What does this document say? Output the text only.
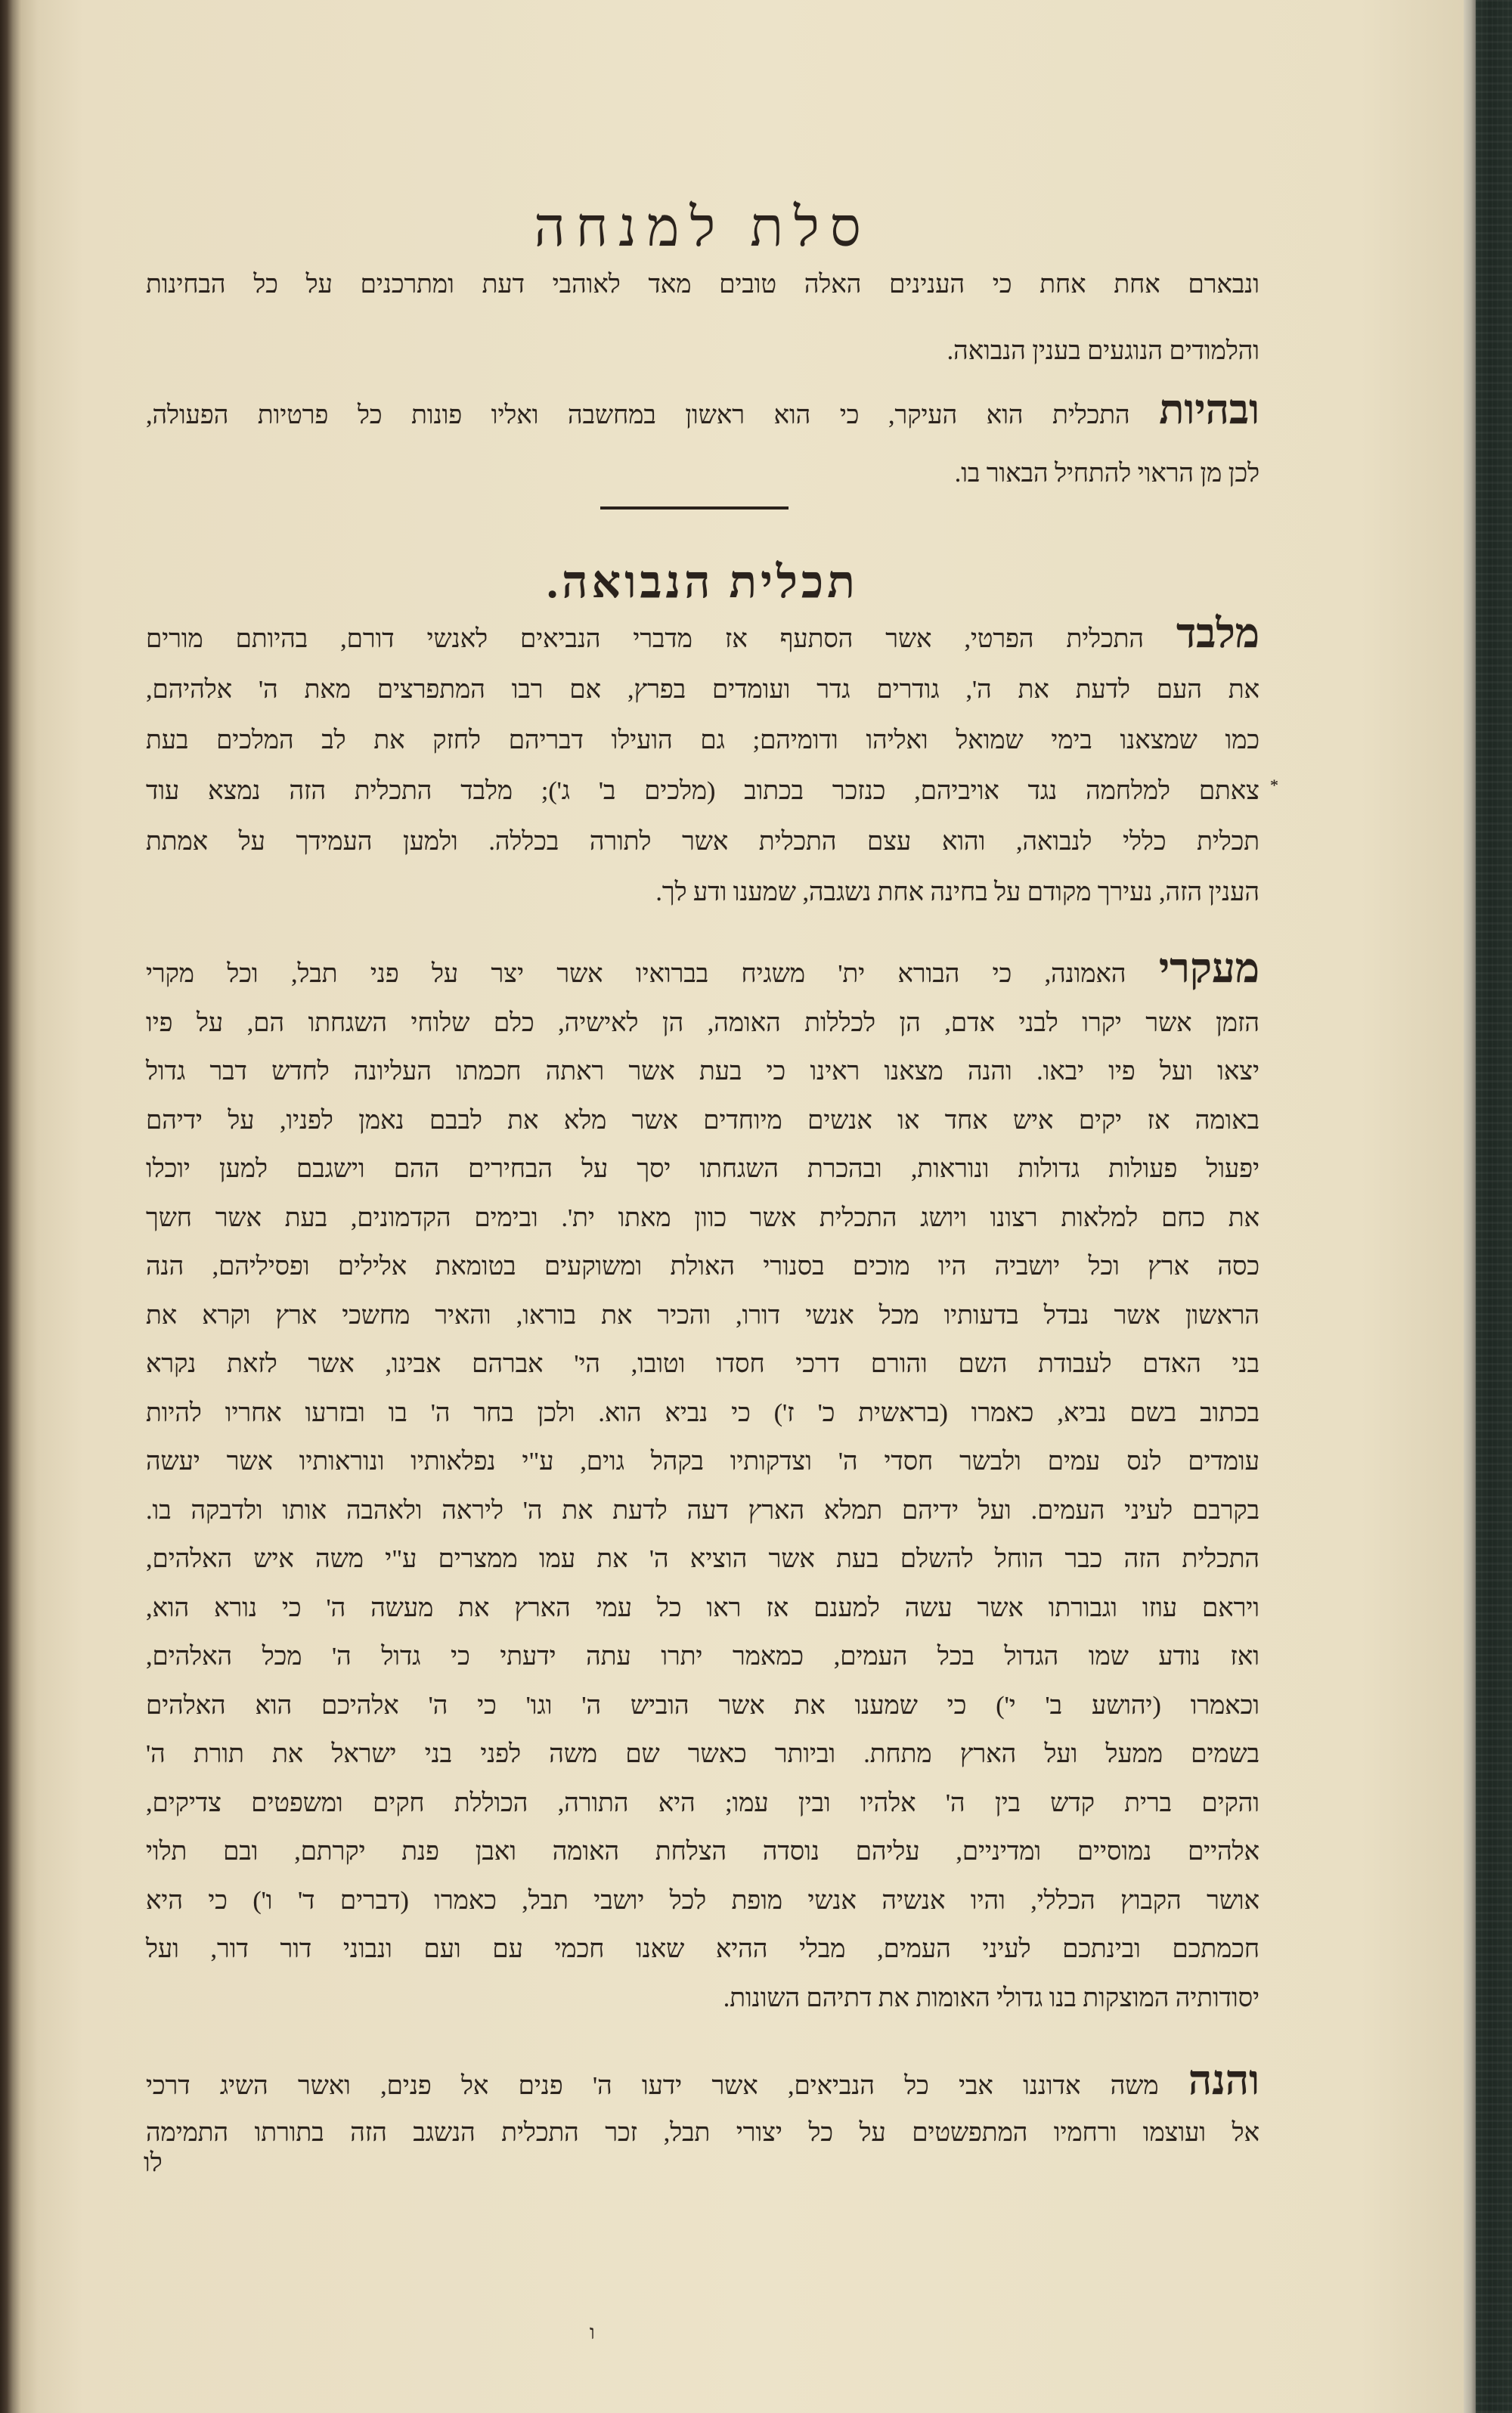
סלת למנחה
ונבארם אחת אחת כי הענינים האלה טובים מאד לאוהבי דעת ומתרכנים על כל הבחינות
והלמודים הנוגעים בענין הנבואה.
ובהיות התכלית הוא העיקר, כי הוא ראשון במחשבה ואליו פונות כל פרטיות הפעולה,
לכן מן הראוי להתחיל הבאור בו.
תכלית הנבואה.
מלבד התכלית הפרטי, אשר הסתעף אז מדברי הנביאים לאנשי דורם, בהיותם מורים
את העם לדעת את ה', גודרים גדר ועומדים בפרץ, אם רבו המתפרצים מאת ה' אלהיהם,
כמו שמצאנו בימי שמואל ואליהו ודומיהם; גם הועילו דבריהם לחזק את לב המלכים בעת
צאתם למלחמה נגד אויביהם, כנזכר בכתוב (מלכים ב' ג'); מלבד התכלית הזה נמצא עוד
תכלית כללי לנבואה, והוא עצם התכלית אשר לתורה בכללה. ולמען העמידך על אמתת
הענין הזה, נעירך מקודם על בחינה אחת נשגבה, שמענו ודע לך.
*
מעקרי האמונה, כי הבורא ית' משגיח בברואיו אשר יצר על פני תבל, וכל מקרי
הזמן אשר יקרו לבני אדם, הן לכללות האומה, הן לאישיה, כלם שלוחי השגחתו הם, על פיו
יצאו ועל פיו יבאו. והנה מצאנו ראינו כי בעת אשר ראתה חכמתו העליונה לחדש דבר גדול
באומה אז יקים איש אחד או אנשים מיוחדים אשר מלא את לבבם נאמן לפניו, על ידיהם
יפעול פעולות גדולות ונוראות, ובהכרת השגחתו יסך על הבחירים ההם וישגבם למען יוכלו
את כחם למלאות רצונו ויושג התכלית אשר כוון מאתו ית'. ובימים הקדמונים, בעת אשר חשך
כסה ארץ וכל יושביה היו מוכים בסנורי האולת ומשוקעים בטומאת אלילים ופסיליהם, הנה
הראשון אשר נבדל בדעותיו מכל אנשי דורו, והכיר את בוראו, והאיר מחשכי ארץ וקרא את
בני האדם לעבודת השם והורם דרכי חסדו וטובו, הי' אברהם אבינו, אשר לזאת נקרא
בכתוב בשם נביא, כאמרו (בראשית כ' ז') כי נביא הוא. ולכן בחר ה' בו ובזרעו אחריו להיות
עומדים לנס עמים ולבשר חסדי ה' וצדקותיו בקהל גוים, ע"י נפלאותיו ונוראותיו אשר יעשה
בקרבם לעיני העמים. ועל ידיהם תמלא הארץ דעה לדעת את ה' ליראה ולאהבה אותו ולדבקה בו.
התכלית הזה כבר הוחל להשלם בעת אשר הוציא ה' את עמו ממצרים ע"י משה איש האלהים,
ויראם עוזו וגבורתו אשר עשה למענם אז ראו כל עמי הארץ את מעשה ה' כי נורא הוא,
ואז נודע שמו הגדול בכל העמים, כמאמר יתרו עתה ידעתי כי גדול ה' מכל האלהים,
וכאמרו (יהושע ב' י') כי שמענו את אשר הוביש ה' וגו' כי ה' אלהיכם הוא האלהים
בשמים ממעל ועל הארץ מתחת. וביותר כאשר שם משה לפני בני ישראל את תורת ה'
והקים ברית קדש בין ה' אלהיו ובין עמו; היא התורה, הכוללת חקים ומשפטים צדיקים,
אלהיים נמוסיים ומדיניים, עליהם נוסדה הצלחת האומה ואבן פנת יקרתם, ובם תלוי
אושר הקבוץ הכללי, והיו אנשיה אנשי מופת לכל יושבי תבל, כאמרו (דברים ד' ו') כי היא
חכמתכם ובינתכם לעיני העמים, מבלי ההיא שאנו חכמי עם ועם ונבוני דור דור, ועל
יסודותיה המוצקות בנו גדולי האומות את דתיהם השונות.
והנה משה אדוננו אבי כל הנביאים, אשר ידעו ה' פנים אל פנים, ואשר השיג דרכי
אל ועוצמו ורחמיו המתפשטים על כל יצורי תבל, זכר התכלית הנשגב הזה בתורתו התמימה
לו
ו
